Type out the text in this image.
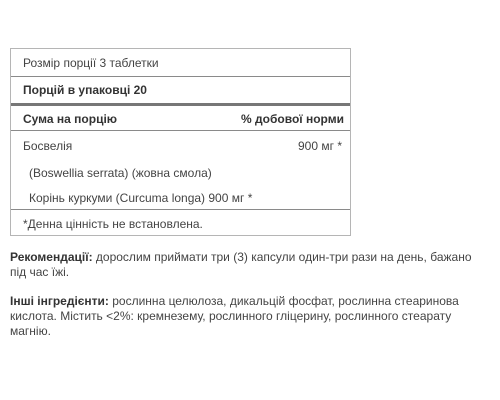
Розмір порції 3 таблетки
Порцій в упаковці 20
Сума на порцію	% добової норми
Босвелія	900 мг *
(Boswellia serrata) (жовна смола)
Корінь куркуми (Curcuma longa) 900 мг *
*Денна цінність не встановлена.
Рекомендації: дорослим приймати три (3) капсули один-три рази на день, бажано під час їжі.
Інші інгредієнти: рослинна целюлоза, дикальцій фосфат, рослинна стеаринова кислота. Містить <2%: кремнезему, рослинного гліцерину, рослинного стеарату магнію.
